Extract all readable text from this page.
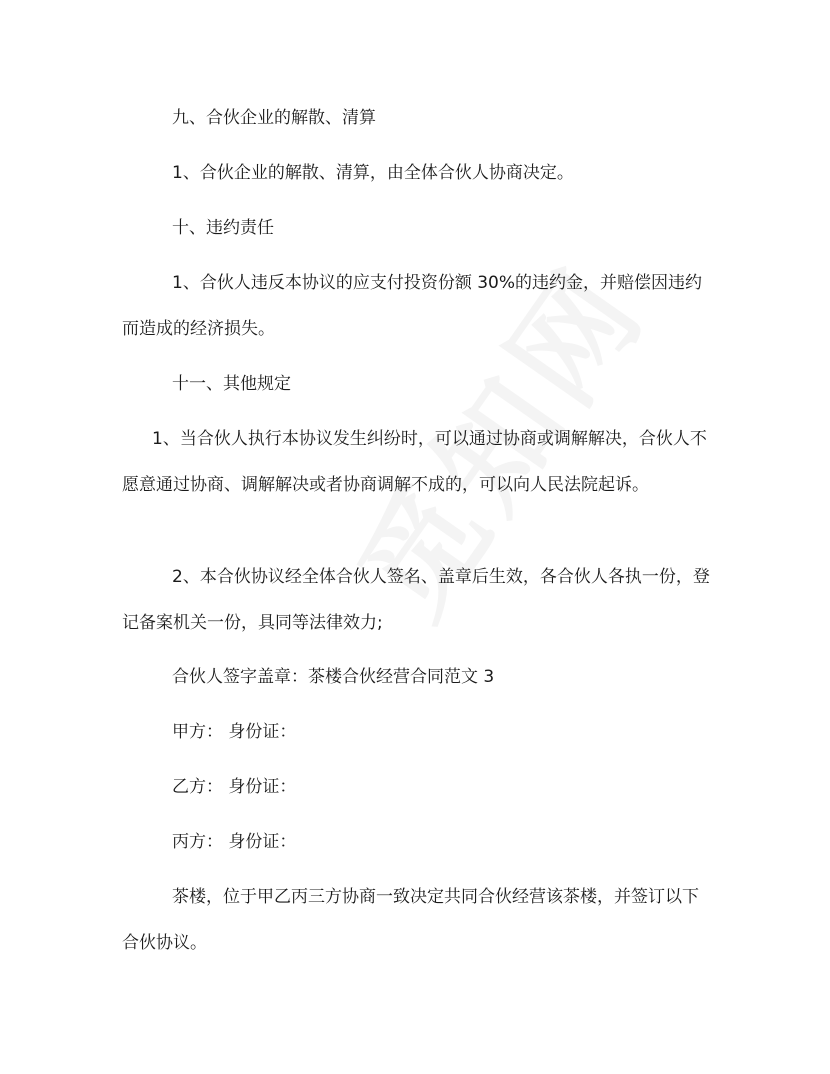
九、合伙企业的解散、清算

1、合伙企业的解散、清算，由全体合伙人协商决定。

十、违约责任

1、合伙人违反本协议的应支付投资份额 30%的违约金，并赔偿因违约而造成的经济损失。

十一、其他规定

1、当合伙人执行本协议发生纠纷时，可以通过协商或调解解决，合伙人不愿意通过协商、调解解决或者协商调解不成的，可以向人民法院起诉。

2、本合伙协议经全体合伙人签名、盖章后生效，各合伙人各执一份，登记备案机关一份，具同等法律效力;

合伙人签字盖章：茶楼合伙经营合同范文 3

甲方： 身份证：

乙方： 身份证：

丙方： 身份证：

茶楼，位于甲乙丙三方协商一致决定共同合伙经营该茶楼，并签订以下合伙协议。
